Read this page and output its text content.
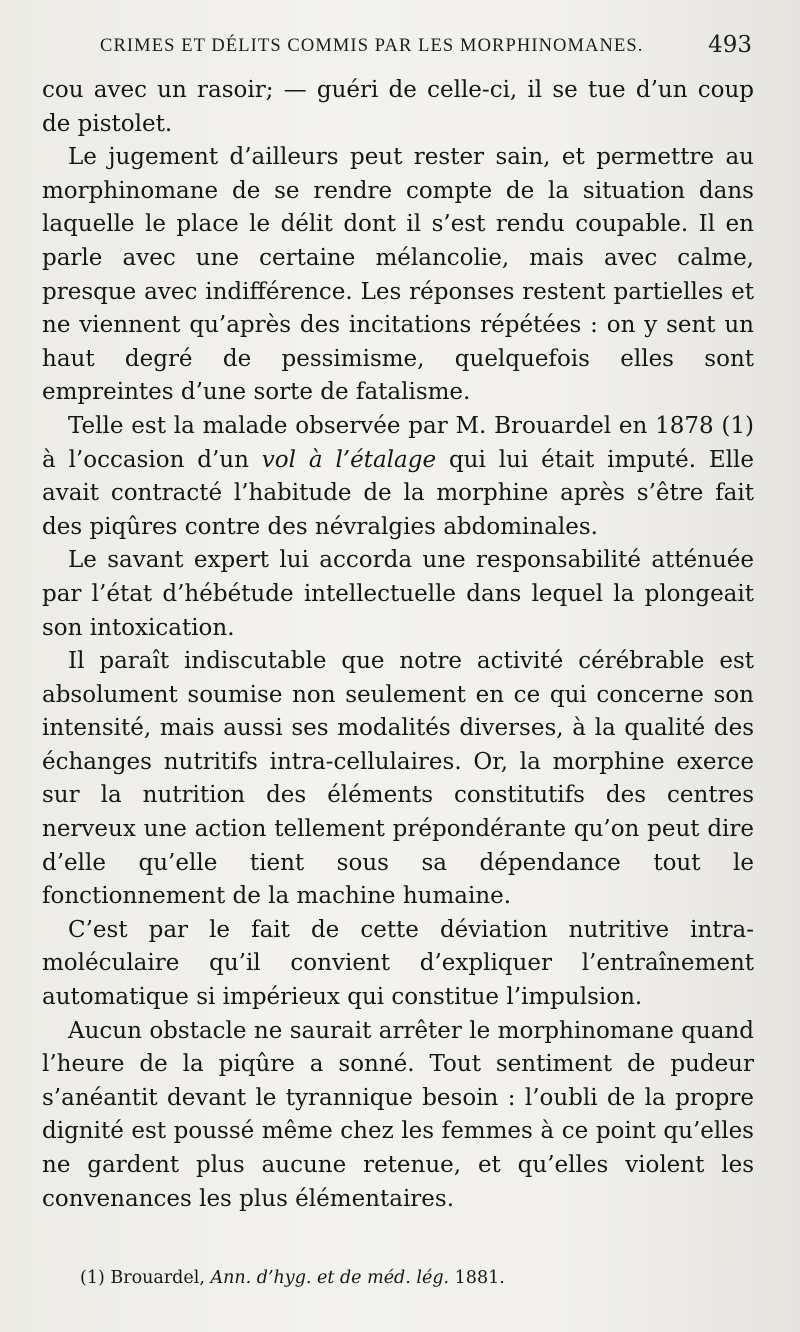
CRIMES ET DÉLITS COMMIS PAR LES MORPHINOMANES.	493

cou avec un rasoir; — guéri de celle-ci, il se tue d’un coup de pistolet.

Le jugement d’ailleurs peut rester sain, et permettre au morphinomane de se rendre compte de la situation dans laquelle le place le délit dont il s’est rendu coupable. Il en parle avec une certaine mélancolie, mais avec calme, presque avec indifférence. Les réponses restent partielles et ne viennent qu’après des incitations répétées : on y sent un haut degré de pessimisme, quelquefois elles sont empreintes d’une sorte de fatalisme.

Telle est la malade observée par M. Brouardel en 1878 (1) à l’occasion d’un vol à l’étalage qui lui était imputé. Elle avait contracté l’habitude de la morphine après s’être fait des piqûres contre des névralgies abdominales.

Le savant expert lui accorda une responsabilité atténuée par l’état d’hébétude intellectuelle dans lequel la plongeait son intoxication.

Il paraît indiscutable que notre activité cérébrable est absolument soumise non seulement en ce qui concerne son intensité, mais aussi ses modalités diverses, à la qualité des échanges nutritifs intra-cellulaires. Or, la morphine exerce sur la nutrition des éléments constitutifs des centres nerveux une action tellement prépondérante qu’on peut dire d’elle qu’elle tient sous sa dépendance tout le fonctionnement de la machine humaine.

C’est par le fait de cette déviation nutritive intra-moléculaire qu’il convient d’expliquer l’entraînement automatique si impérieux qui constitue l’impulsion.

Aucun obstacle ne saurait arrêter le morphinomane quand l’heure de la piqûre a sonné. Tout sentiment de pudeur s’anéantit devant le tyrannique besoin : l’oubli de la propre dignité est poussé même chez les femmes à ce point qu’elles ne gardent plus aucune retenue, et qu’elles violent les convenances les plus élémentaires.

(1) Brouardel, Ann. d’hyg. et de méd. lég. 1881.
